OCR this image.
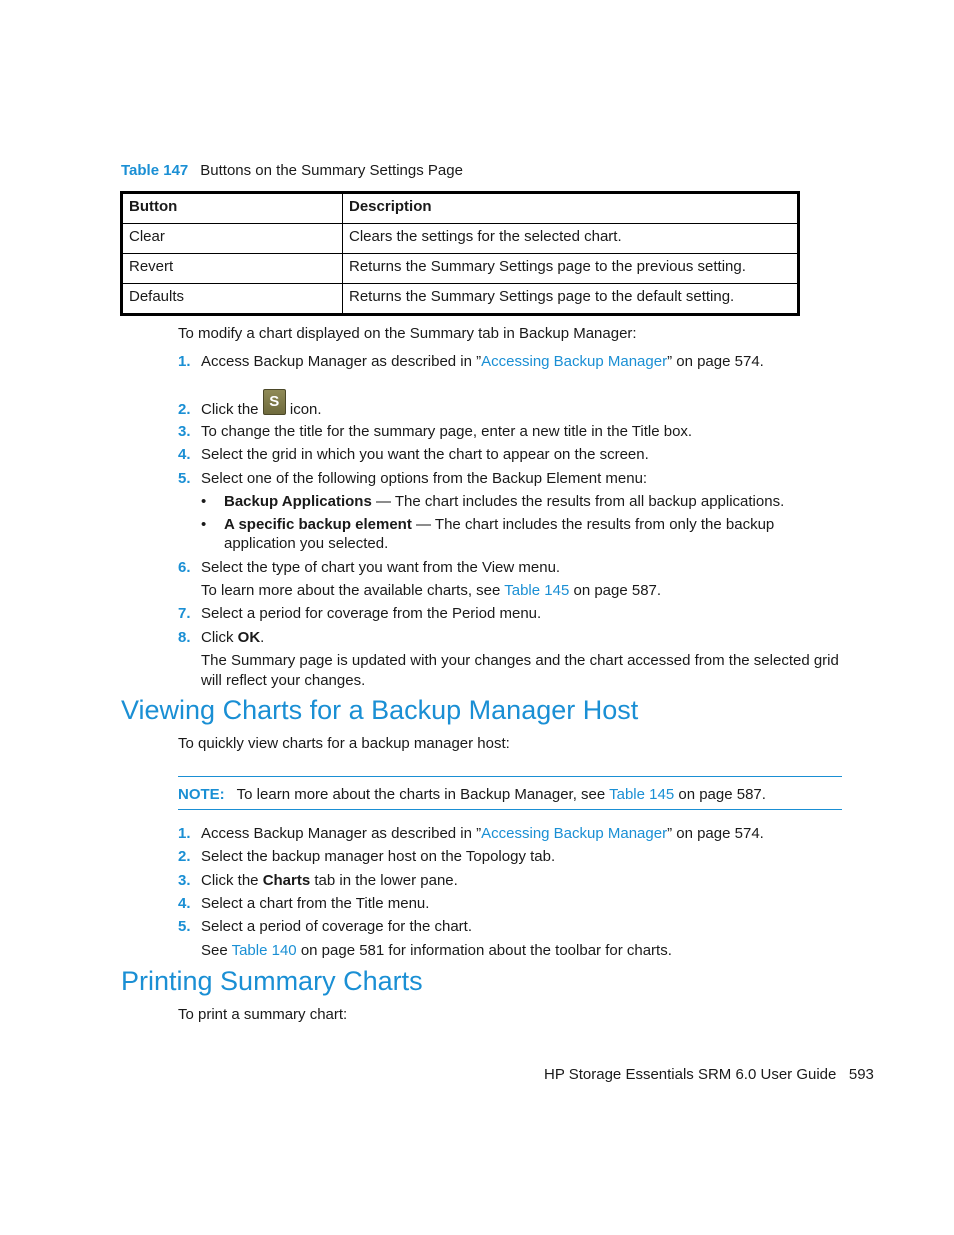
Table 147 Buttons on the Summary Settings Page
Button	Description
Clear	Clears the settings for the selected chart.
Revert	Returns the Summary Settings page to the previous setting.
Defaults	Returns the Summary Settings page to the default setting.
To modify a chart displayed on the Summary tab in Backup Manager:
1. Access Backup Manager as described in ”Accessing Backup Manager” on page 574.
2. Click the S icon.
3. To change the title for the summary page, enter a new title in the Title box.
4. Select the grid in which you want the chart to appear on the screen.
5. Select one of the following options from the Backup Element menu:
• Backup Applications — The chart includes the results from all backup applications.
• A specific backup element — The chart includes the results from only the backup application you selected.
6. Select the type of chart you want from the View menu.
To learn more about the available charts, see Table 145 on page 587.
7. Select a period for coverage from the Period menu.
8. Click OK.
The Summary page is updated with your changes and the chart accessed from the selected grid will reflect your changes.
Viewing Charts for a Backup Manager Host
To quickly view charts for a backup manager host:
NOTE: To learn more about the charts in Backup Manager, see Table 145 on page 587.
1. Access Backup Manager as described in ”Accessing Backup Manager” on page 574.
2. Select the backup manager host on the Topology tab.
3. Click the Charts tab in the lower pane.
4. Select a chart from the Title menu.
5. Select a period of coverage for the chart.
See Table 140 on page 581 for information about the toolbar for charts.
Printing Summary Charts
To print a summary chart:
HP Storage Essentials SRM 6.0 User Guide 593
